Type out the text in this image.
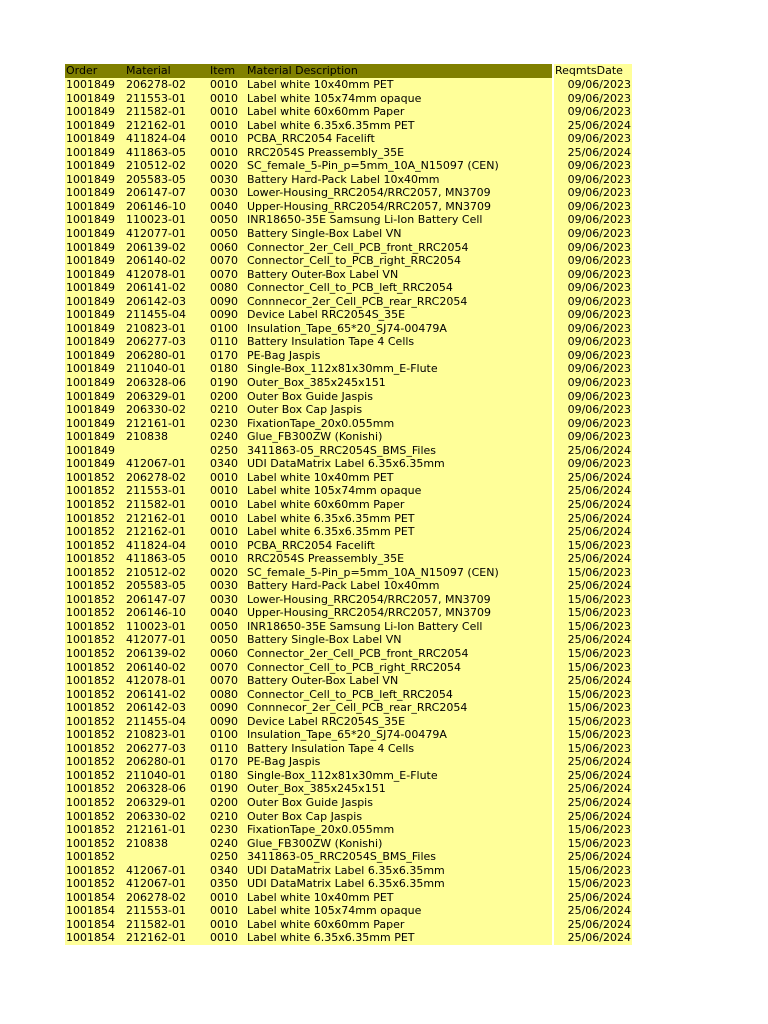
Order	Material	Item Material Description	ReqmtsDate
1001849 206278-02 0010 Label white 10x40mm PET	09/06/2023
1001849 211553-01 0010 Label white 105x74mm opaque	09/06/2023
1001849 211582-01 0010 Label white 60x60mm Paper	09/06/2023
1001849 212162-01 0010 Label white 6.35x6.35mm PET	25/06/2024
1001849 411824-04 0010 PCBA_RRC2054 Facelift	09/06/2023
1001849 411863-05 0010 RRC2054S Preassembly_35E	25/06/2024
1001849 210512-02 0020 SC_female_5-Pin_p=5mm_10A_N15097 (CEN)	09/06/2023
1001849 205583-05 0030 Battery Hard-Pack Label 10x40mm	09/06/2023
1001849 206147-07 0030 Lower-Housing_RRC2054/RRC2057, MN3709	09/06/2023
1001849 206146-10 0040 Upper-Housing_RRC2054/RRC2057, MN3709	09/06/2023
1001849 110023-01 0050 INR18650-35E Samsung Li-Ion Battery Cell	09/06/2023
1001849 412077-01 0050 Battery Single-Box Label VN	09/06/2023
1001849 206139-02 0060 Connector_2er_Cell_PCB_front_RRC2054	09/06/2023
1001849 206140-02 0070 Connector_Cell_to_PCB_right_RRC2054	09/06/2023
1001849 412078-01 0070 Battery Outer-Box Label VN	09/06/2023
1001849 206141-02 0080 Connector_Cell_to_PCB_left_RRC2054	09/06/2023
1001849 206142-03 0090 Connnecor_2er_Cell_PCB_rear_RRC2054	09/06/2023
1001849 211455-04 0090 Device Label RRC2054S_35E	09/06/2023
1001849 210823-01 0100 Insulation_Tape_65*20_SJ74-00479A	09/06/2023
1001849 206277-03 0110 Battery Insulation Tape 4 Cells	09/06/2023
1001849 206280-01 0170 PE-Bag Jaspis	09/06/2023
1001849 211040-01 0180 Single-Box_112x81x30mm_E-Flute	09/06/2023
1001849 206328-06 0190 Outer_Box_385x245x151	09/06/2023
1001849 206329-01 0200 Outer Box Guide Jaspis	09/06/2023
1001849 206330-02 0210 Outer Box Cap Jaspis	09/06/2023
1001849 212161-01 0230 FixationTape_20x0.055mm	09/06/2023
1001849 210838	0240 Glue_FB300ZW (Konishi)	09/06/2023
1001849	0250 3411863-05_RRC2054S_BMS_Files	25/06/2024
1001849 412067-01 0340 UDI DataMatrix Label 6.35x6.35mm	09/06/2023
1001852 206278-02 0010 Label white 10x40mm PET	25/06/2024
1001852 211553-01 0010 Label white 105x74mm opaque	25/06/2024
1001852 211582-01 0010 Label white 60x60mm Paper	25/06/2024
1001852 212162-01 0010 Label white 6.35x6.35mm PET	25/06/2024
1001852 212162-01 0010 Label white 6.35x6.35mm PET	25/06/2024
1001852 411824-04 0010 PCBA_RRC2054 Facelift	15/06/2023
1001852 411863-05 0010 RRC2054S Preassembly_35E	25/06/2024
1001852 210512-02 0020 SC_female_5-Pin_p=5mm_10A_N15097 (CEN)	15/06/2023
1001852 205583-05 0030 Battery Hard-Pack Label 10x40mm	25/06/2024
1001852 206147-07 0030 Lower-Housing_RRC2054/RRC2057, MN3709	15/06/2023
1001852 206146-10 0040 Upper-Housing_RRC2054/RRC2057, MN3709	15/06/2023
1001852 110023-01 0050 INR18650-35E Samsung Li-Ion Battery Cell	15/06/2023
1001852 412077-01 0050 Battery Single-Box Label VN	25/06/2024
1001852 206139-02 0060 Connector_2er_Cell_PCB_front_RRC2054	15/06/2023
1001852 206140-02 0070 Connector_Cell_to_PCB_right_RRC2054	15/06/2023
1001852 412078-01 0070 Battery Outer-Box Label VN	25/06/2024
1001852 206141-02 0080 Connector_Cell_to_PCB_left_RRC2054	15/06/2023
1001852 206142-03 0090 Connnecor_2er_Cell_PCB_rear_RRC2054	15/06/2023
1001852 211455-04 0090 Device Label RRC2054S_35E	15/06/2023
1001852 210823-01 0100 Insulation_Tape_65*20_SJ74-00479A	15/06/2023
1001852 206277-03 0110 Battery Insulation Tape 4 Cells	15/06/2023
1001852 206280-01 0170 PE-Bag Jaspis	25/06/2024
1001852 211040-01 0180 Single-Box_112x81x30mm_E-Flute	25/06/2024
1001852 206328-06 0190 Outer_Box_385x245x151	25/06/2024
1001852 206329-01 0200 Outer Box Guide Jaspis	25/06/2024
1001852 206330-02 0210 Outer Box Cap Jaspis	25/06/2024
1001852 212161-01 0230 FixationTape_20x0.055mm	15/06/2023
1001852 210838	0240 Glue_FB300ZW (Konishi)	15/06/2023
1001852	0250 3411863-05_RRC2054S_BMS_Files	25/06/2024
1001852 412067-01 0340 UDI DataMatrix Label 6.35x6.35mm	15/06/2023
1001852 412067-01 0350 UDI DataMatrix Label 6.35x6.35mm	15/06/2023
1001854 206278-02 0010 Label white 10x40mm PET	25/06/2024
1001854 211553-01 0010 Label white 105x74mm opaque	25/06/2024
1001854 211582-01 0010 Label white 60x60mm Paper	25/06/2024
1001854 212162-01 0010 Label white 6.35x6.35mm PET	25/06/2024
